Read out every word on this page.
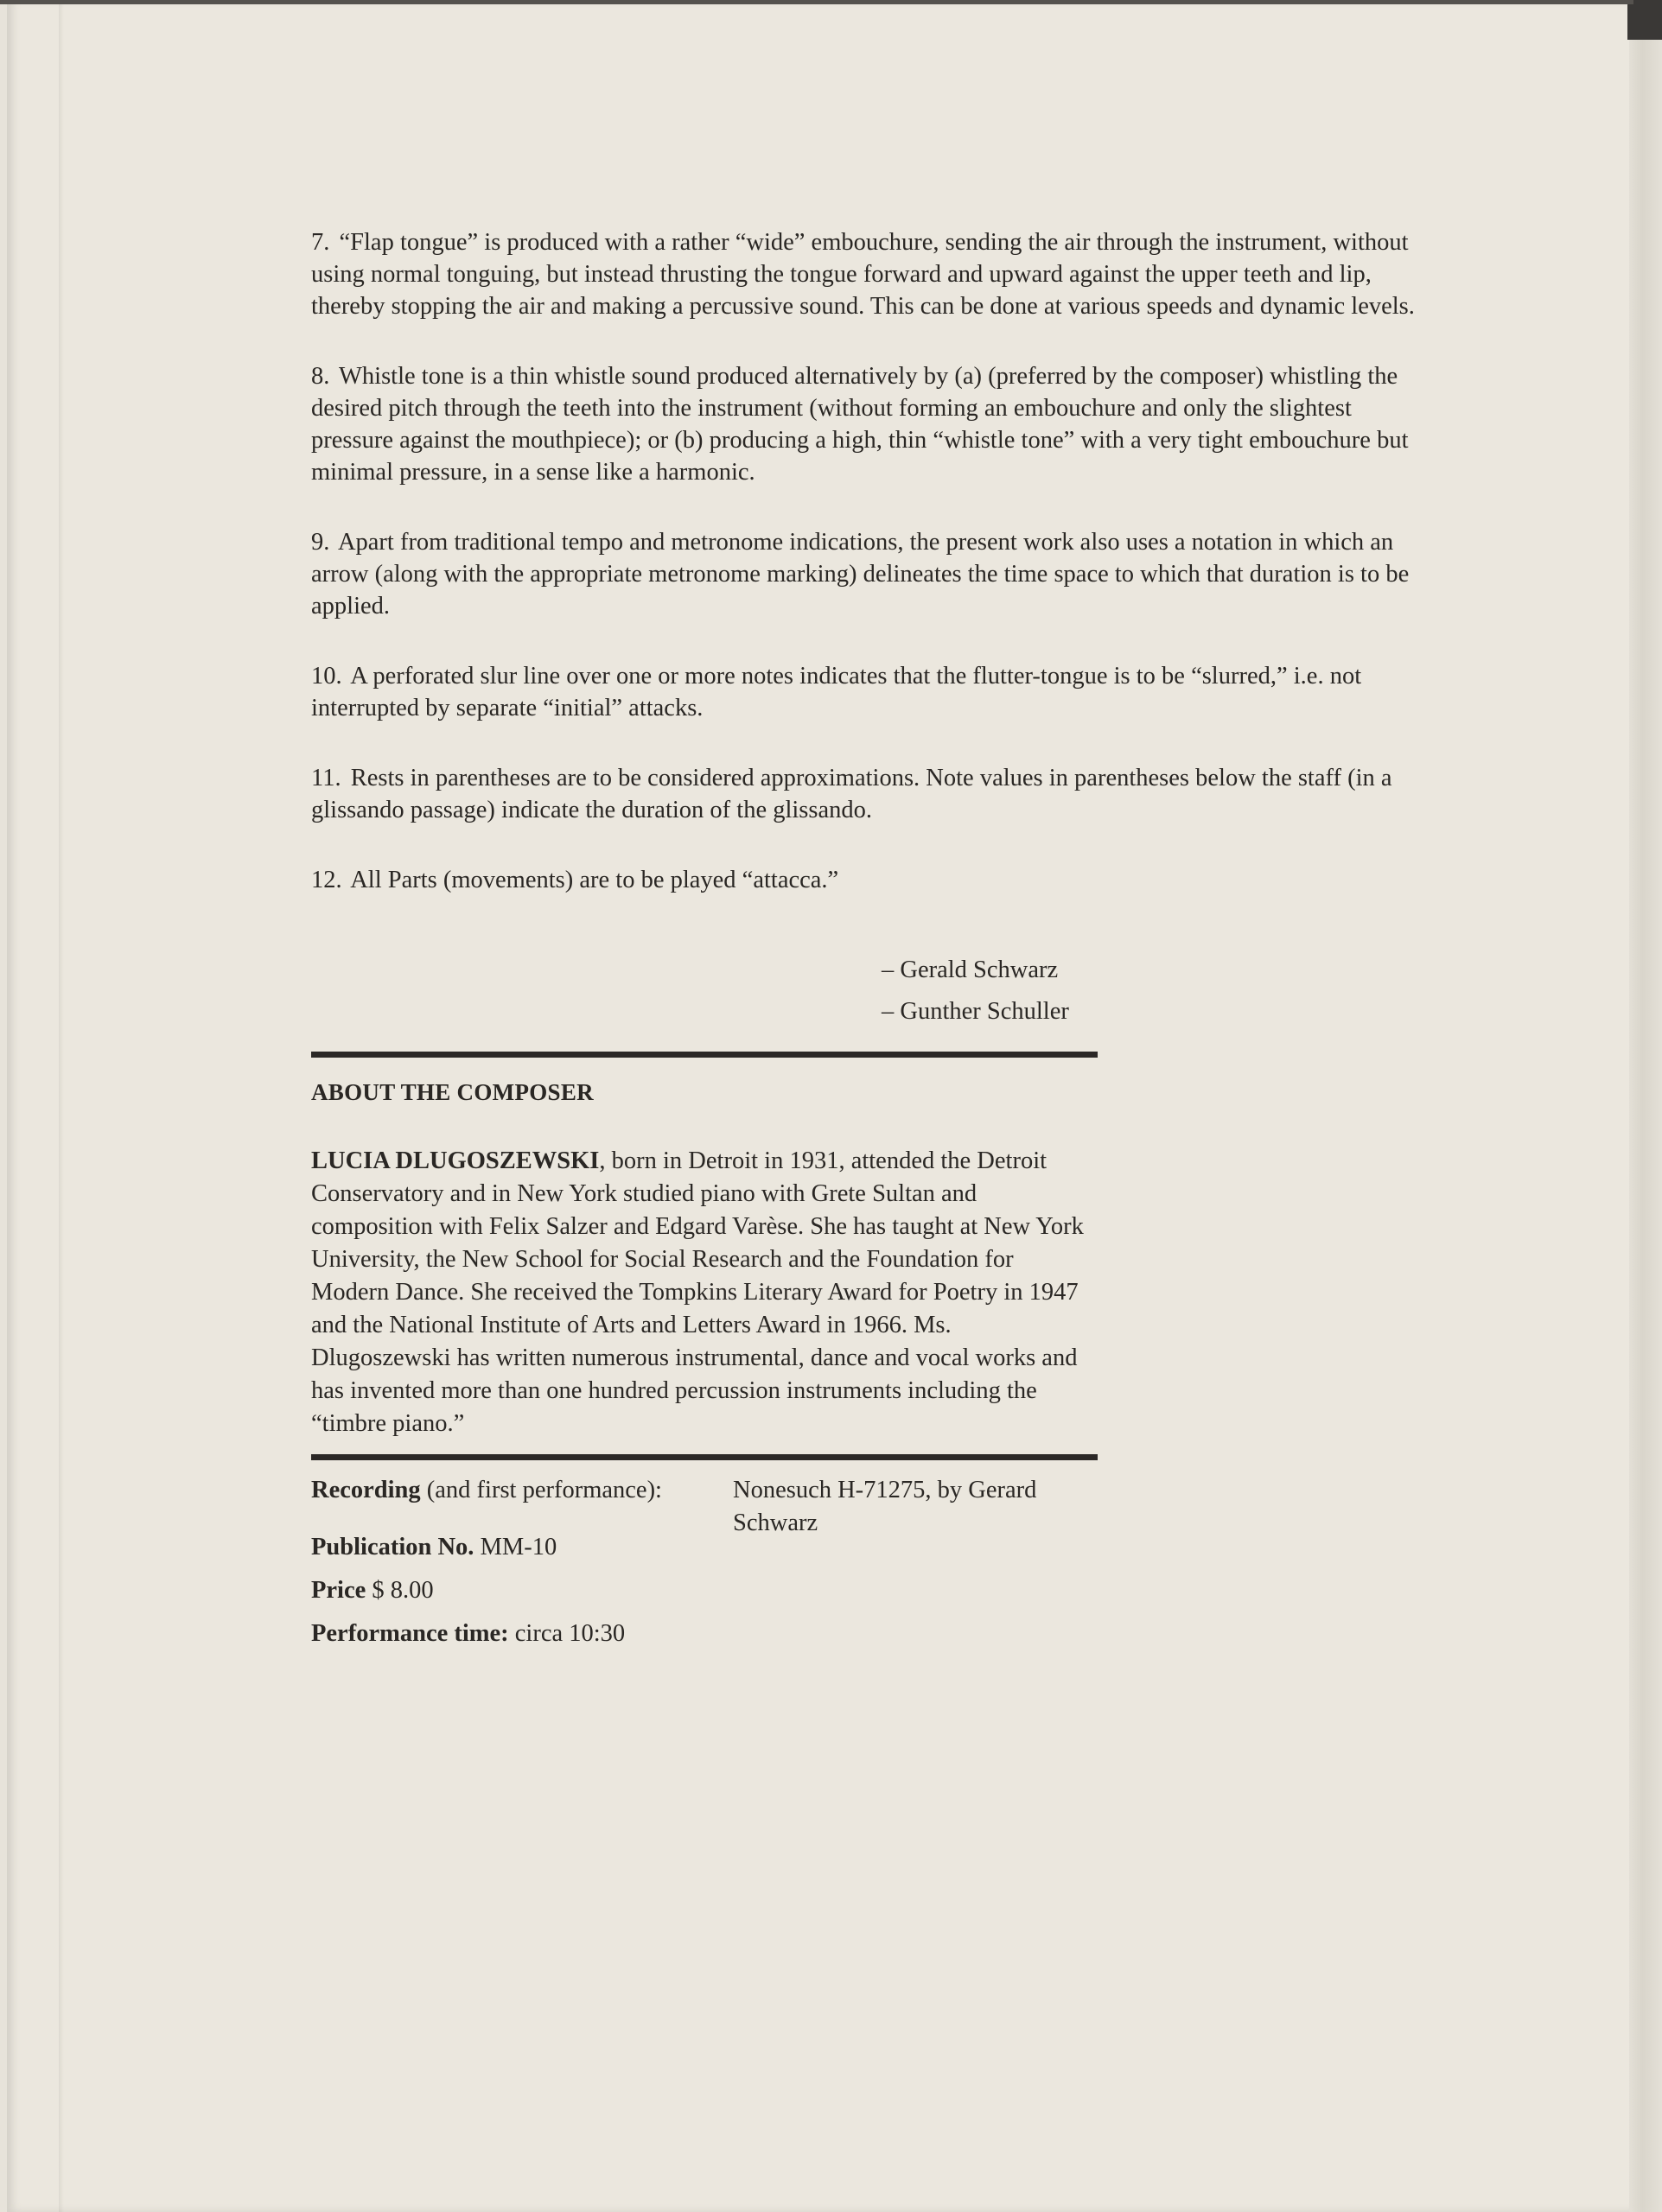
7. “Flap tongue” is produced with a rather “wide” embouchure, sending the air through the instrument, without using normal tonguing, but instead thrusting the tongue forward and upward against the upper teeth and lip, thereby stopping the air and making a percussive sound. This can be done at various speeds and dynamic levels.
8. Whistle tone is a thin whistle sound produced alternatively by (a) (preferred by the composer) whistling the desired pitch through the teeth into the instrument (without forming an embouchure and only the slightest pressure against the mouthpiece); or (b) producing a high, thin “whistle tone” with a very tight embouchure but minimal pressure, in a sense like a harmonic.
9. Apart from traditional tempo and metronome indications, the present work also uses a notation in which an arrow (along with the appropriate metronome marking) delineates the time space to which that duration is to be applied.
10. A perforated slur line over one or more notes indicates that the flutter-tongue is to be “slurred,” i.e. not interrupted by separate “initial” attacks.
11. Rests in parentheses are to be considered approximations. Note values in parentheses below the staff (in a glissando passage) indicate the duration of the glissando.
12. All Parts (movements) are to be played “attacca.”
– Gerald Schwarz
– Gunther Schuller
ABOUT THE COMPOSER
LUCIA DLUGOSZEWSKI, born in Detroit in 1931, attended the Detroit Conservatory and in New York studied piano with Grete Sultan and composition with Felix Salzer and Edgard Varèse. She has taught at New York University, the New School for Social Research and the Foundation for Modern Dance. She received the Tompkins Literary Award for Poetry in 1947 and the National Institute of Arts and Letters Award in 1966. Ms. Dlugoszewski has written numerous instrumental, dance and vocal works and has invented more than one hundred percussion instruments including the “timbre piano.”
Recording (and first performance):	Nonesuch H-71275, by Gerard Schwarz
Publication No. MM-10
Price $ 8.00
Performance time: circa 10:30
